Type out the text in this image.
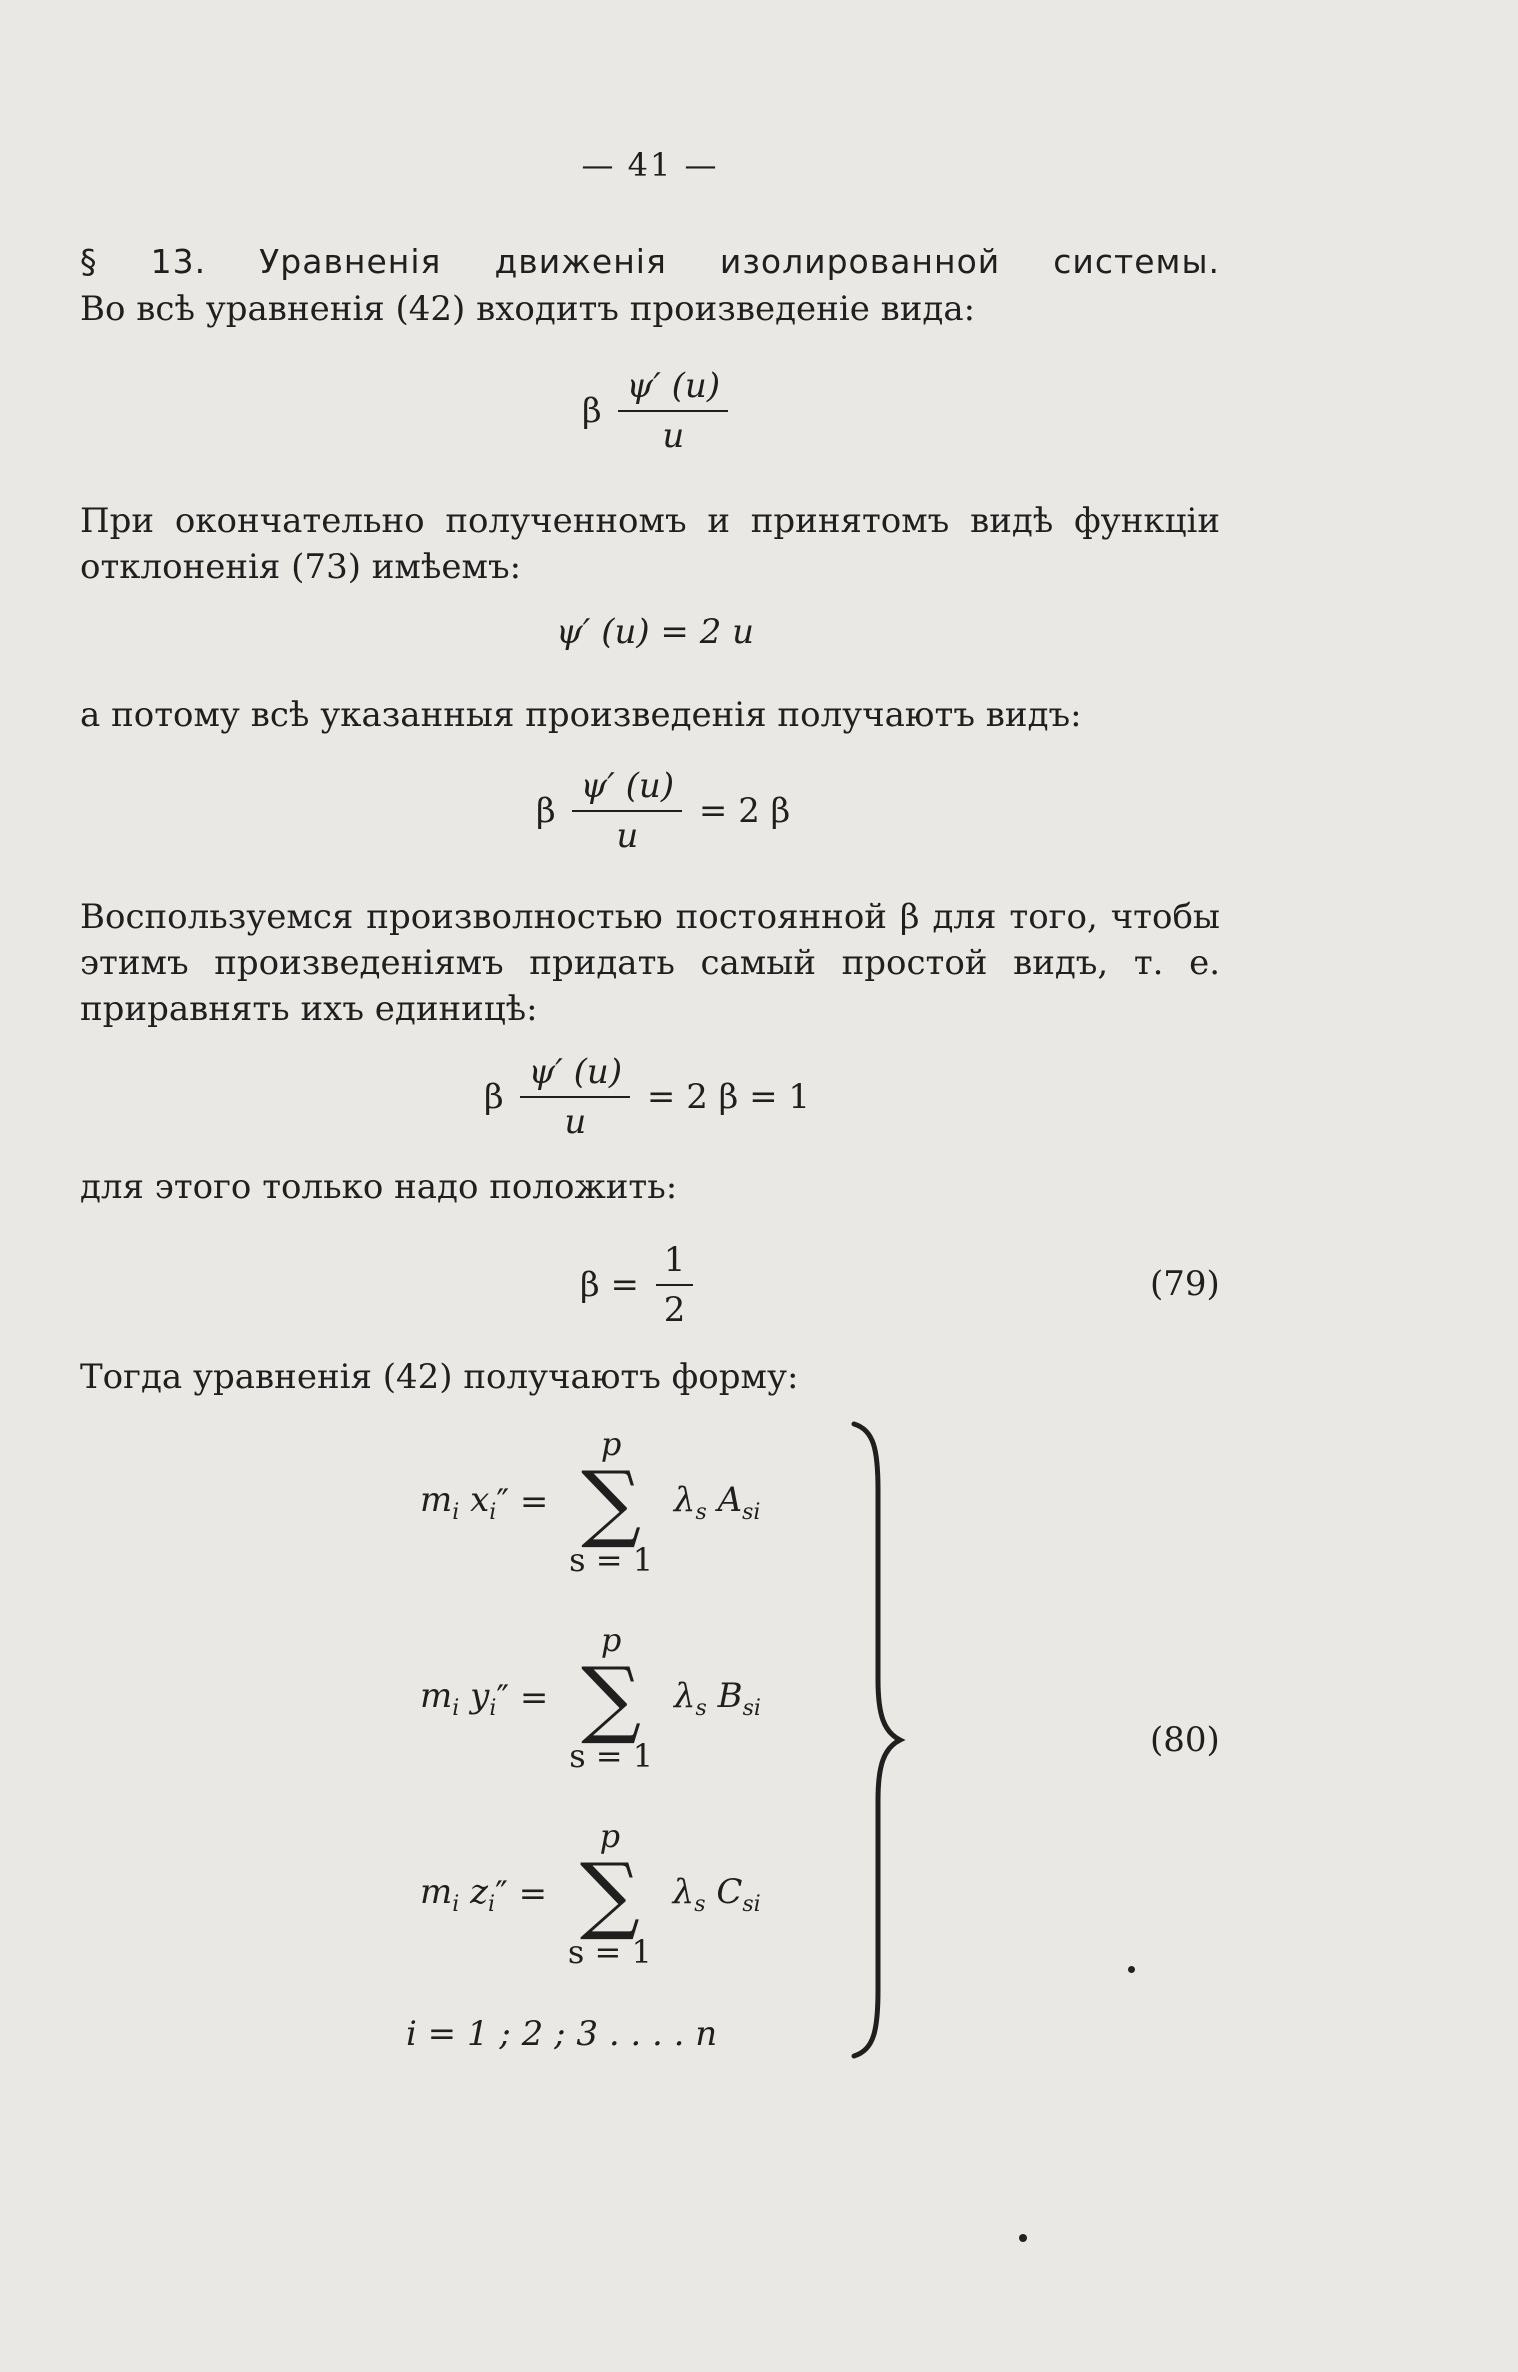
— 41 —
§ 13. Уравненія движенія изолированной системы.
Во всѣ уравненія (42) входитъ произведеніе вида:
β $\frac{\psi' (u)}{u}$
При окончательно полученномъ и принятомъ видѣ функціи
отклоненія (73) имѣемъ:
ψ′ (u) = 2 u
а потому всѣ указанныя произведенія получаютъ видъ:
β $\frac{\psi' (u)}{u} = 2$ β
Воспользуемся произволностью постоянной β для того, чтобы
этимъ произведеніямъ придать самый простой видъ, т. е.
приравнять ихъ единицѣ:
β $\frac{\psi' (u)}{u} = 2$ β = 1
для этого только надо положить:
$\beta = \frac{1}{2}$	(79)
Тогда уравненія (42) получаютъ форму:
$m_i$ $x_i''$ =
p
∑
s = 1
$\lambda_s$ $A_{si}$
$m_i$ $y_i''$ =
p
∑
s = 1
$\lambda_s$ $B_{si}$
$m_i$ $z_i''$ =
p
∑
s = 1
$\lambda_s$ $C_{si}$
i = 1 ; 2 ; 3 . . . . n
(80)
